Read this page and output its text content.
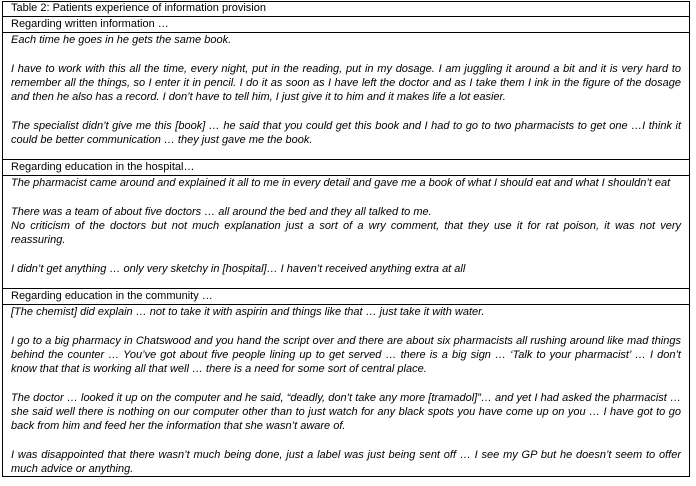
Table 2: Patients experience of information provision
Regarding written information …

Each time he goes in he gets the same book.

I have to work with this all the time, every night, put in the reading, put in my dosage. I am juggling it around a bit and it is very hard to remember all the things, so I enter it in pencil. I do it as soon as I have left the doctor and as I take them I ink in the figure of the dosage and then he also has a record. I don’t have to tell him, I just give it to him and it makes life a lot easier.

The specialist didn’t give me this [book] … he said that you could get this book and I had to go to two pharmacists to get one …I think it could be better communication … they just gave me the book.

Regarding education in the hospital…

The pharmacist came around and explained it all to me in every detail and gave me a book of what I should eat and what I shouldn’t eat

There was a team of about five doctors … all around the bed and they all talked to me.

No criticism of the doctors but not much explanation just a sort of a wry comment, that they use it for rat poison, it was not very reassuring.

I didn’t get anything … only very sketchy in [hospital]… I haven’t received anything extra at all

Regarding education in the community …

[The chemist] did explain … not to take it with aspirin and things like that … just take it with water.

I go to a big pharmacy in Chatswood and you hand the script over and there are about six pharmacists all rushing around like mad things behind the counter … You’ve got about five people lining up to get served … there is a big sign … ‘Talk to your pharmacist’ … I don’t know that that is working all that well … there is a need for some sort of central place.

The doctor … looked it up on the computer and he said, “deadly, don’t take any more [tramadol]”… and yet I had asked the pharmacist … she said well there is nothing on our computer other than to just watch for any black spots you have come up on you … I have got to go back from him and feed her the information that she wasn’t aware of.

I was disappointed that there wasn’t much being done, just a label was just being sent off … I see my GP but he doesn’t seem to offer much advice or anything.
